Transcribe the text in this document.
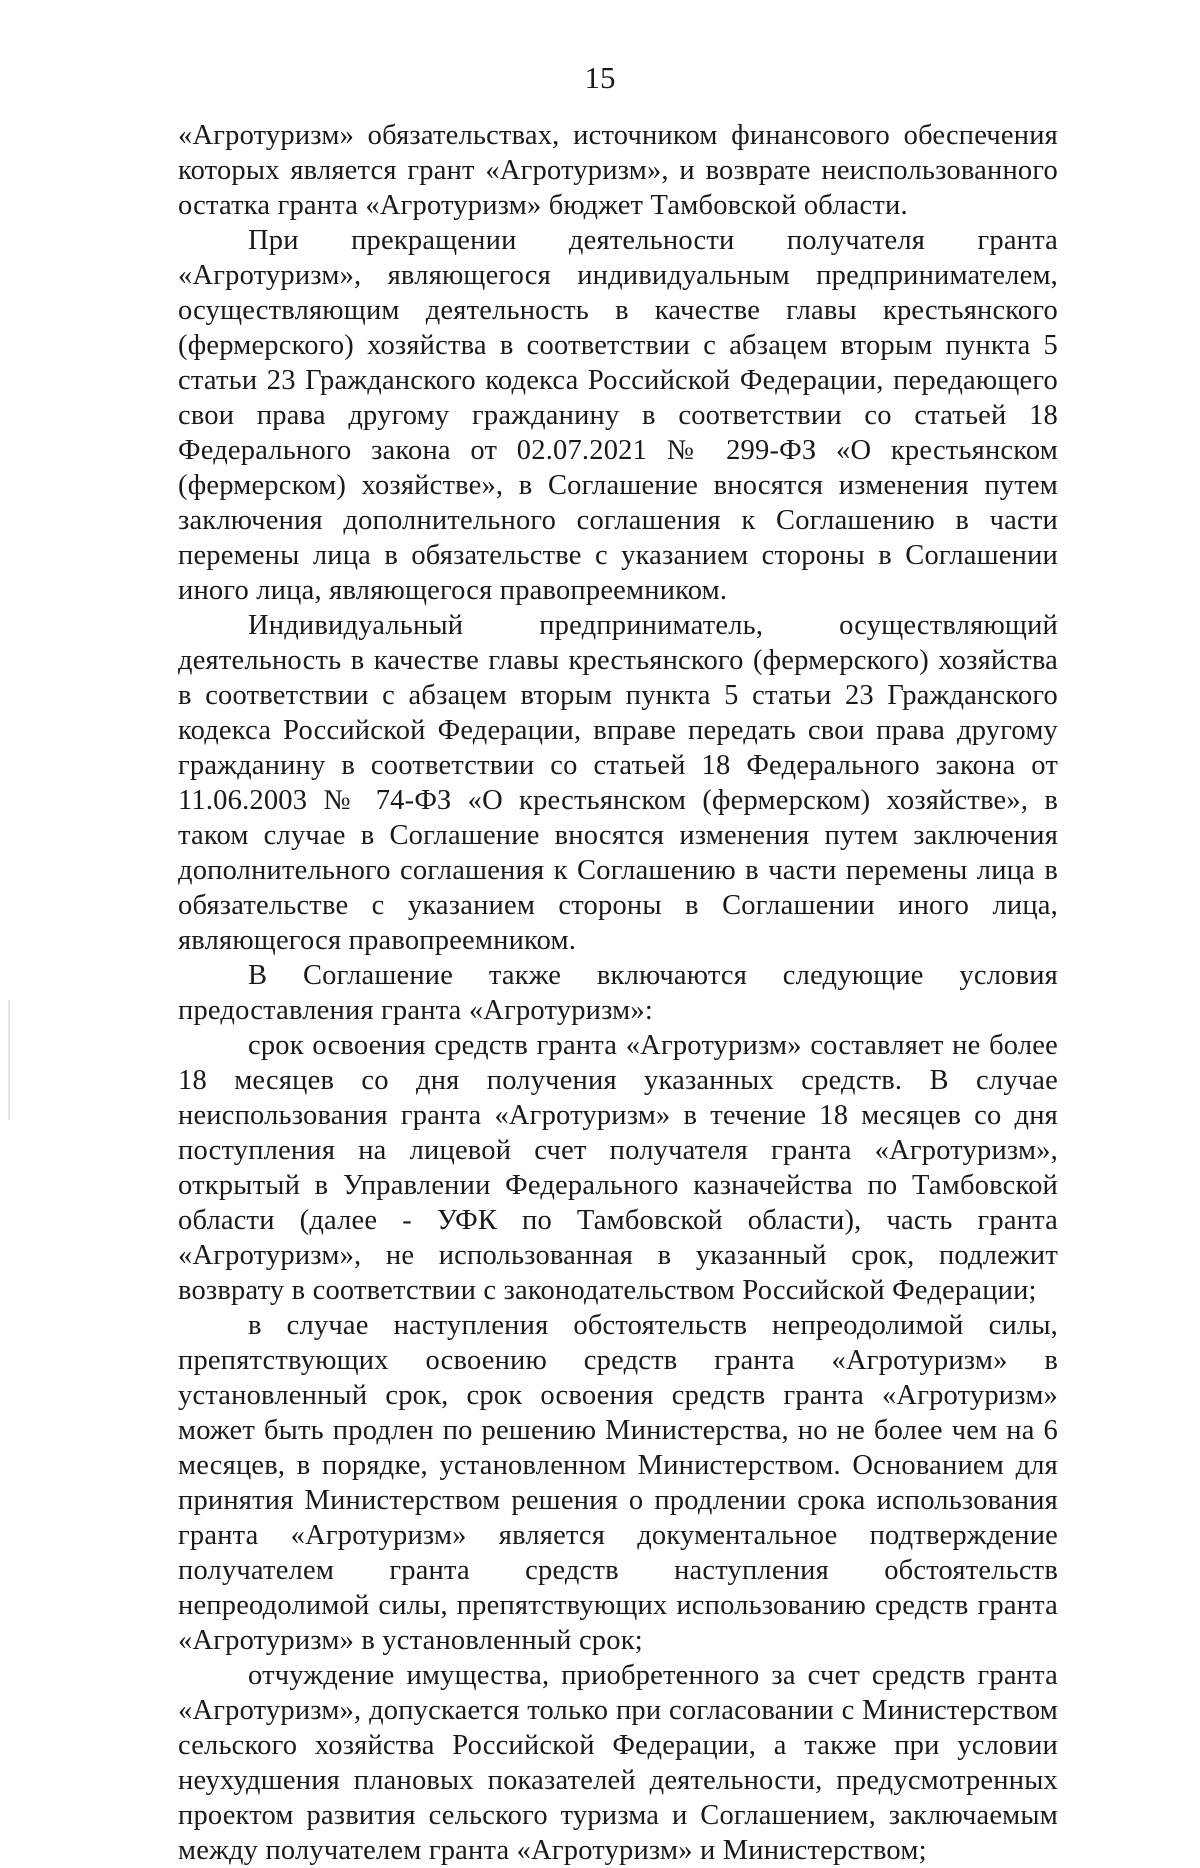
15

«Агротуризм» обязательствах, источником финансового обеспечения которых является грант «Агротуризм», и возврате неиспользованного остатка гранта «Агротуризм» бюджет Тамбовской области.

При прекращении деятельности получателя гранта «Агротуризм», являющегося индивидуальным предпринимателем, осуществляющим деятельность в качестве главы крестьянского (фермерского) хозяйства в соответствии с абзацем вторым пункта 5 статьи 23 Гражданского кодекса Российской Федерации, передающего свои права другому гражданину в соответствии со статьей 18 Федерального закона от 02.07.2021 № 299-ФЗ «О крестьянском (фермерском) хозяйстве», в Соглашение вносятся изменения путем заключения дополнительного соглашения к Соглашению в части перемены лица в обязательстве с указанием стороны в Соглашении иного лица, являющегося правопреемником.

Индивидуальный предприниматель, осуществляющий деятельность в качестве главы крестьянского (фермерского) хозяйства в соответствии с абзацем вторым пункта 5 статьи 23 Гражданского кодекса Российской Федерации, вправе передать свои права другому гражданину в соответствии со статьей 18 Федерального закона от 11.06.2003 № 74-ФЗ «О крестьянском (фермерском) хозяйстве», в таком случае в Соглашение вносятся изменения путем заключения дополнительного соглашения к Соглашению в части перемены лица в обязательстве с указанием стороны в Соглашении иного лица, являющегося правопреемником.

В Соглашение также включаются следующие условия предоставления гранта «Агротуризм»:

срок освоения средств гранта «Агротуризм» составляет не более 18 месяцев со дня получения указанных средств. В случае неиспользования гранта «Агротуризм» в течение 18 месяцев со дня поступления на лицевой счет получателя гранта «Агротуризм», открытый в Управлении Федерального казначейства по Тамбовской области (далее - УФК по Тамбовской области), часть гранта «Агротуризм», не использованная в указанный срок, подлежит возврату в соответствии с законодательством Российской Федерации;

в случае наступления обстоятельств непреодолимой силы, препятствующих освоению средств гранта «Агротуризм» в установленный срок, срок освоения средств гранта «Агротуризм» может быть продлен по решению Министерства, но не более чем на 6 месяцев, в порядке, установленном Министерством. Основанием для принятия Министерством решения о продлении срока использования гранта «Агротуризм» является документальное подтверждение получателем гранта средств наступления обстоятельств непреодолимой силы, препятствующих использованию средств гранта «Агротуризм» в установленный срок;

отчуждение имущества, приобретенного за счет средств гранта «Агротуризм», допускается только при согласовании с Министерством сельского хозяйства Российской Федерации, а также при условии неухудшения плановых показателей деятельности, предусмотренных проектом развития сельского туризма и Соглашением, заключаемым между получателем гранта «Агротуризм» и Министерством;
